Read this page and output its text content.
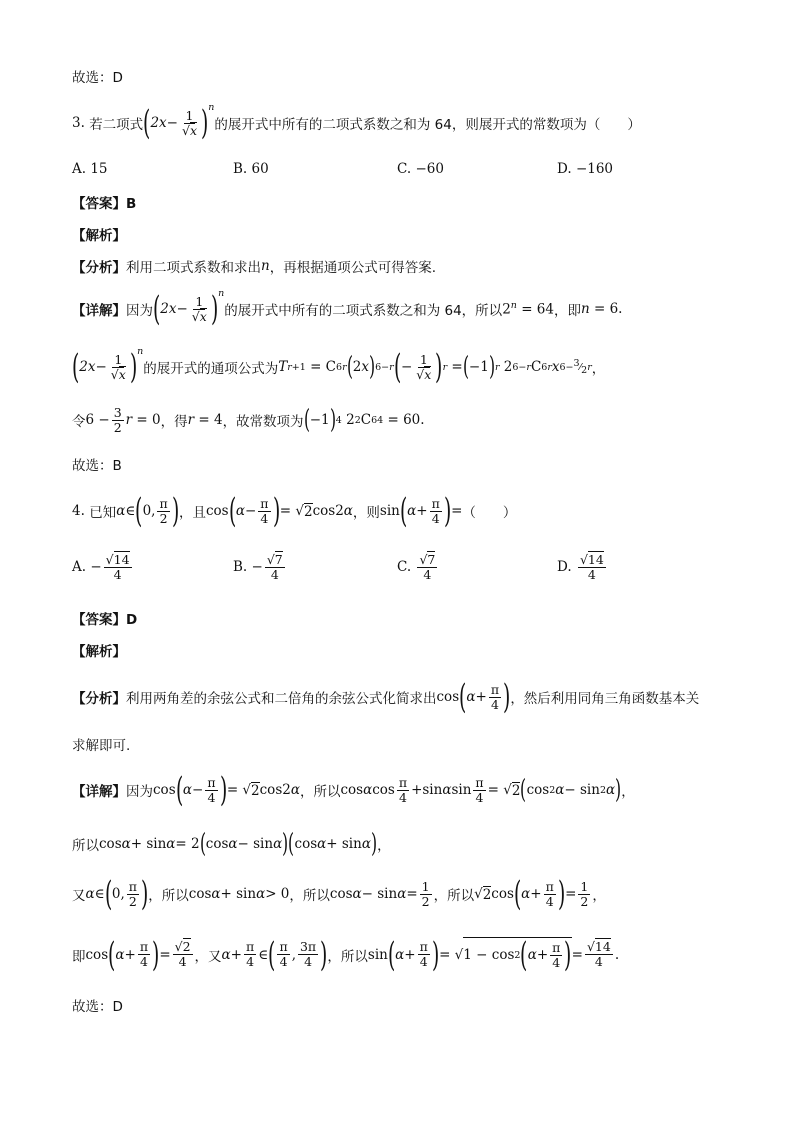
故选：D
3.
若二项式 ( $2x - \frac{1}{√x} )^n$
的展开式中所有的二项式系数之和为 64，则展开式的常数项为（　　）
A. 15	B. 60	C.
−60	D.
−160
【答案】B
【解析】
【分析】 利用二项式系数和求出 n ，再根据通项公式可得答案.
【详解】 因为 ( $2x - \frac{1}{√x} )^n$
的展开式中所有的二项式系数之和为 64，所以 $2^n = 64$ ，即 n = 6 .
( $2x - \frac{1}{√x} )^n$
的展开式的通项公式为 T r+1 = C 6 r ( 2 x ) 6−r ( − $\frac{1}{√x}$ ) r = ( −1 ) r 2 6−r C 6 r x $6-^3⁄_2r$ ，
令 $6 - \frac{3}{2}$ r = 0 ，得 r = 4 ，故常数项为 ( −1 ) 4 2 2 C 6 4 = 60.
故选：B
4.
已知 α ∈ ( 0, $\frac{\pi}{2}$ ) ，且 cos ( $\alpha - \frac{\pi}{4}$ ) = √ 2 cos2 α ，则 sin ( $\alpha + \frac{\pi}{4}$ ) = （　　）
A. − $\frac{√14}{4}$	B. − $\frac{√7}{4}$	C.
$\frac{√7}{4}$	D.
$\frac{√14}{4}$
【答案】D
【解析】
【分析】 利用两角差的余弦公式和二倍角的余弦公式化简求出 cos ( $\alpha + \frac{\pi}{4}$ ) ，然后利用同角三角函数基本关
求解即可.
【详解】 因为 cos ( $\alpha - \frac{\pi}{4}$ ) = √ 2 cos2 α ，所以 cos α $\cos \frac{\pi}{4} +\sin$ α $\sin \frac{\pi}{4}$ = √ 2 ( cos 2 α − sin 2 α ) ，
所以 cos α + sin α = 2 ( cos α − sin α ) ( cos α + sin α ) ，
又 α ∈ ( 0, $\frac{\pi}{2}$ ) ，所以 cos α + sin α > 0 ，所以 $\cos \alpha - \sin \alpha = \frac{1}{2}$ ，所以 √ 2 cos ( $\alpha + \frac{\pi}{4}$ ) = $\frac{1}{2}$ ，
即 cos ( $\alpha + \frac{\pi}{4}$ ) = $\frac{√2}{4}$ ，又 $\alpha + \frac{\pi}{4}$ ∈ ( $\frac{\pi}{4}$ , $\frac{3\pi}{4}$ ) ，所以 sin ( $\alpha + \frac{\pi}{4}$ ) = √ 1 − cos 2 ( $\alpha + \frac{\pi}{4}$ ) = $\frac{√14}{4}$ .
故选：D
